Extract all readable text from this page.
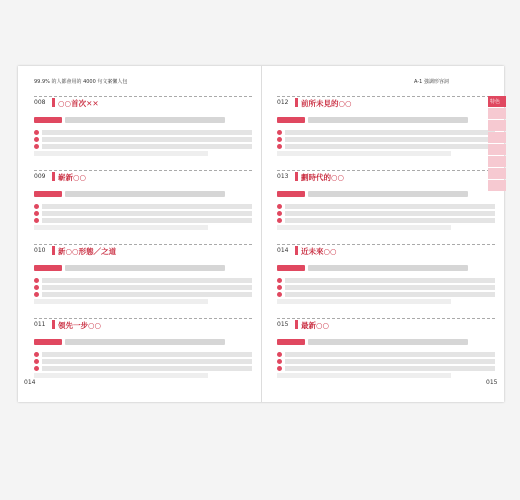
99.9% 的人都會用的 4000 句文案懶人包	A-1 強調形容詞
008 ○○首次✕✕
009 嶄新○○
010 新○○形態／之道
011 領先一步○○
012 前所未見的○○
013 劃時代的○○
014 近未來○○
015 最新○○
014	015
特色
